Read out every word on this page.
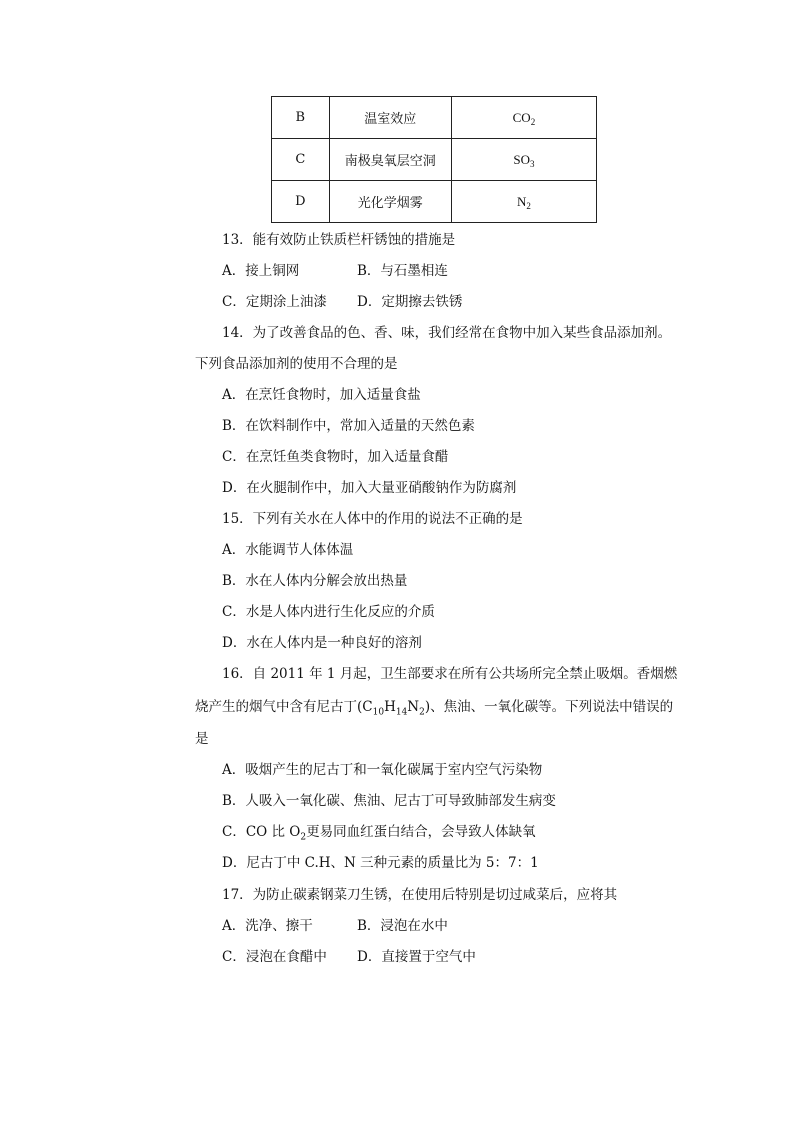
B	温室效应	$CO_2$
C	南极臭氧层空洞	$SO_3$
D	光化学烟雾	$N_2$
13．能有效防止铁质栏杆锈蚀的措施是
A．接上铜网	B．与石墨相连
C．定期涂上油漆 D．定期擦去铁锈
14．为了改善食品的色、香、味，我们经常在食物中加入某些食品添加剂。
下列食品添加剂的使用不合理的是
A．在烹饪食物时，加入适量食盐
B．在饮料制作中，常加入适量的天然色素
C．在烹饪鱼类食物时，加入适量食醋
D．在火腿制作中，加入大量亚硝酸钠作为防腐剂
15．下列有关水在人体中的作用的说法不正确的是
A．水能调节人体体温
B．水在人体内分解会放出热量
C．水是人体内进行生化反应的介质
D．水在人体内是一种良好的溶剂
16．自 2011 年 1 月起，卫生部要求在所有公共场所完全禁止吸烟。香烟燃
烧产生的烟气中含有尼古丁$(C_{10}H_{14}N_2)$、焦油、一氧化碳等。下列说法中错误的
是
A．吸烟产生的尼古丁和一氧化碳属于室内空气污染物
B．人吸入一氧化碳、焦油、尼古丁可导致肺部发生病变
C．CO 比 $O_2$更易同血红蛋白结合，会导致人体缺氧
D．尼古丁中 C.H、N 三种元素的质量比为 5：7：1
17．为防止碳素钢菜刀生锈，在使用后特别是切过咸菜后，应将其
A．洗净、擦干	B．浸泡在水中
C．浸泡在食醋中 D．直接置于空气中
